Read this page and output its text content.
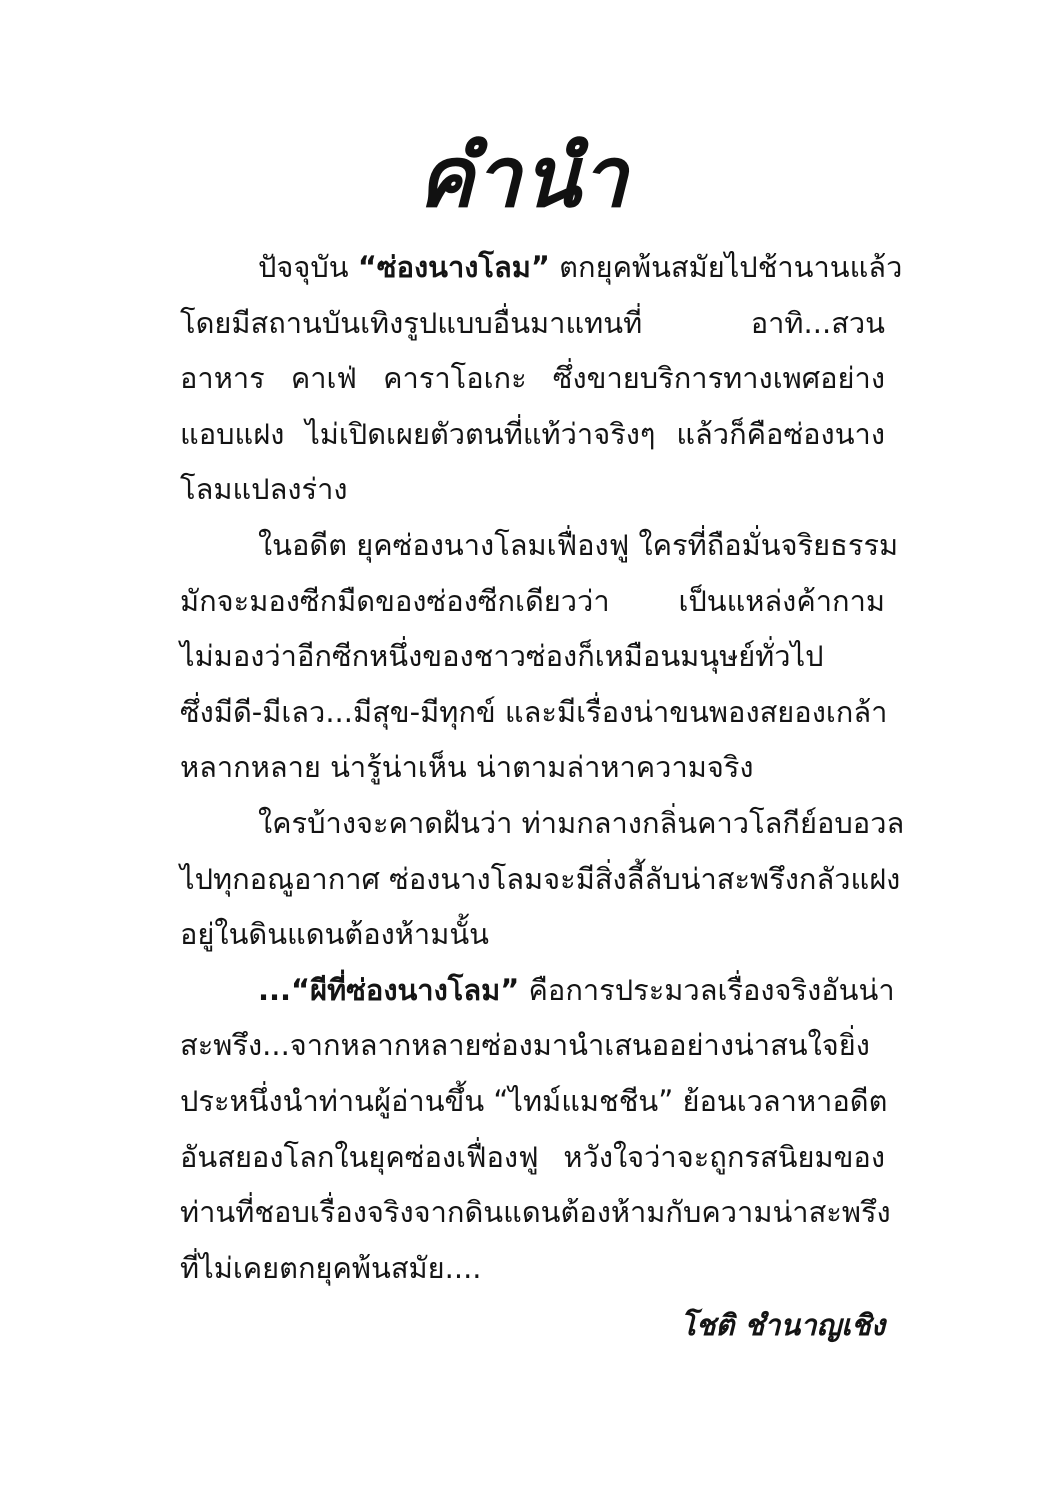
คำนำ
ปัจจุบัน “ซ่องนางโลม” ตกยุคพ้นสมัยไปช้านานแล้ว
โดยมีสถานบันเทิงรูปแบบอื่นมาแทนที่ อาทิ...สวน
อาหาร คาเฟ่ คาราโอเกะ ซึ่งขายบริการทางเพศอย่าง
แอบแฝง ไม่เปิดเผยตัวตนที่แท้ว่าจริงๆ แล้วก็คือซ่องนาง
โลมแปลงร่าง
ในอดีต ยุคซ่องนางโลมเฟื่องฟู ใครที่ถือมั่นจริยธรรม
มักจะมองซีกมืดของซ่องซีกเดียวว่า เป็นแหล่งค้ากาม
ไม่มองว่าอีกซีกหนึ่งของชาวซ่องก็เหมือนมนุษย์ทั่วไป
ซึ่งมีดี-มีเลว...มีสุข-มีทุกข์ และมีเรื่องน่าขนพองสยองเกล้า
หลากหลาย น่ารู้น่าเห็น น่าตามล่าหาความจริง
ใครบ้างจะคาดฝันว่า ท่ามกลางกลิ่นคาวโลกีย์อบอวล
ไปทุกอณูอากาศ ซ่องนางโลมจะมีสิ่งลี้ลับน่าสะพรึงกลัวแฝง
อยู่ในดินแดนต้องห้ามนั้น
...“ผีที่ซ่องนางโลม” คือการประมวลเรื่องจริงอันน่า
สะพรึง...จากหลากหลายซ่องมานำเสนออย่างน่าสนใจยิ่ง
ประหนึ่งนำท่านผู้อ่านขึ้น “ไทม์แมชชีน” ย้อนเวลาหาอดีต
อันสยองโลกในยุคซ่องเฟื่องฟู หวังใจว่าจะถูกรสนิยมของ
ท่านที่ชอบเรื่องจริงจากดินแดนต้องห้ามกับความน่าสะพรึง
ที่ไม่เคยตกยุคพ้นสมัย....
โชติ ชำนาญเชิง
